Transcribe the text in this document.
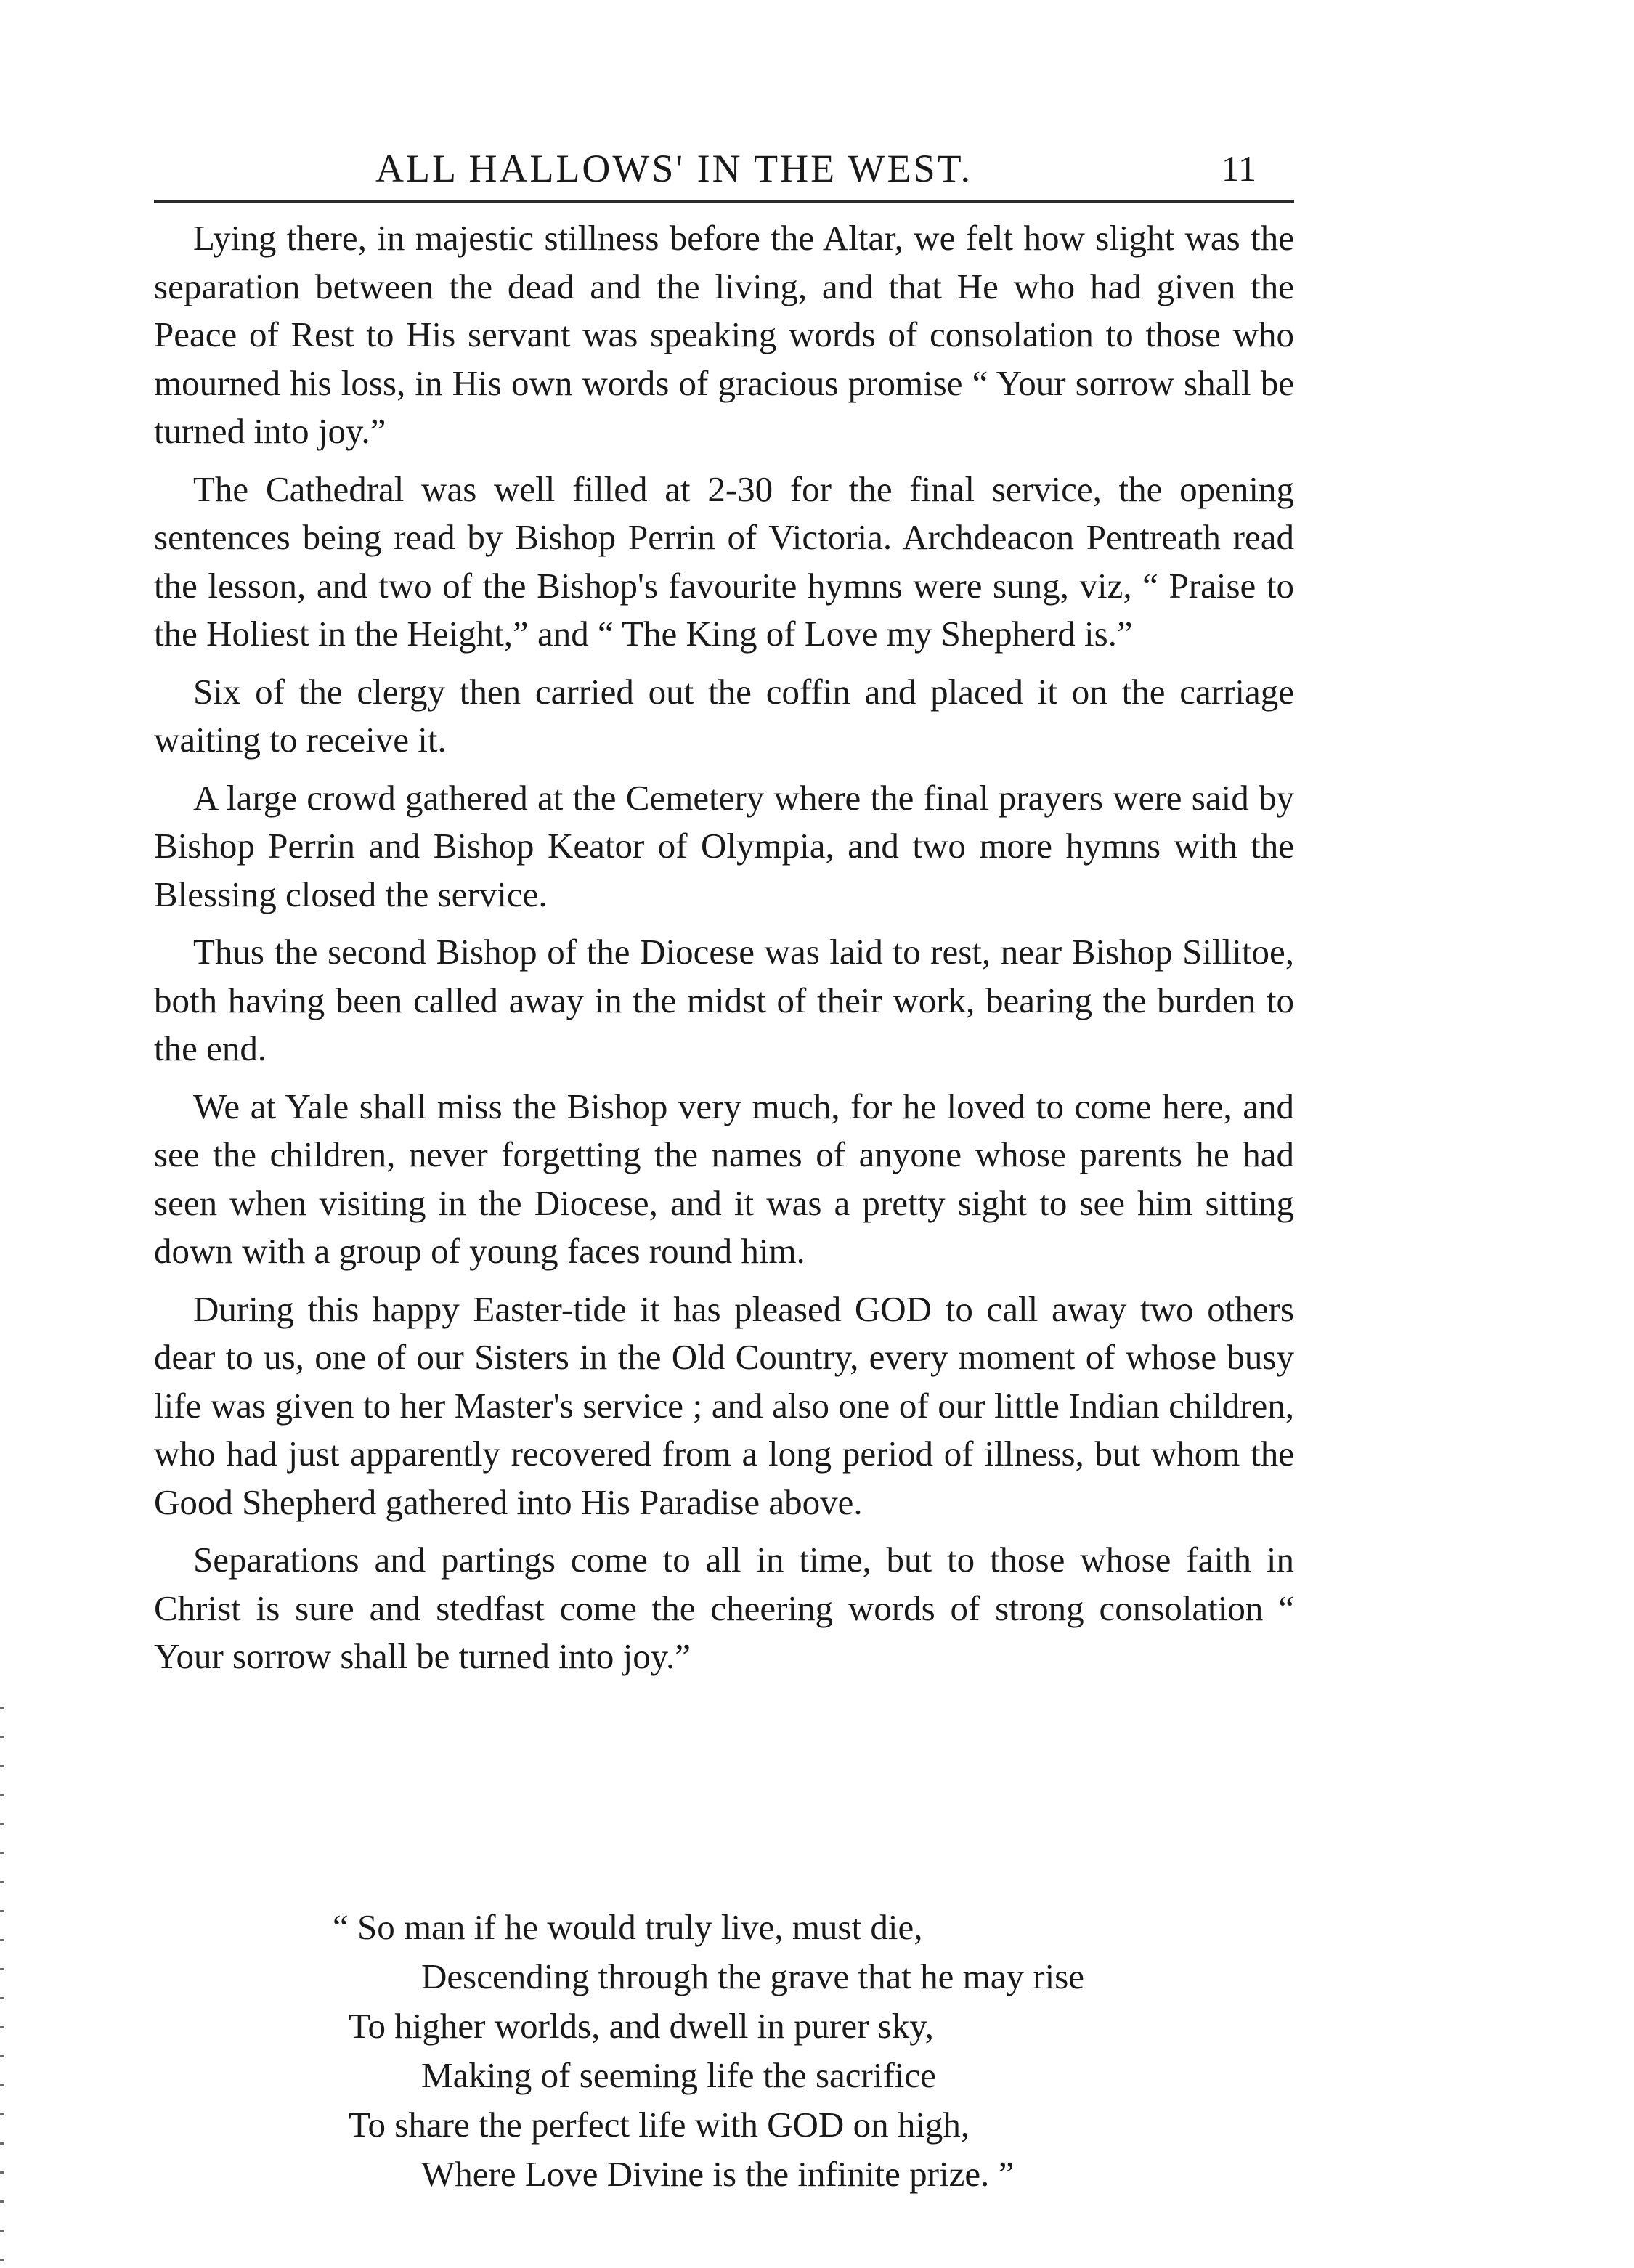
ALL HALLOWS' IN THE WEST.	11

Lying there, in majestic stillness before the Altar, we felt how slight was the separation between the dead and the living, and that He who had given the Peace of Rest to His servant was speaking words of consolation to those who mourned his loss, in His own words of gracious promise “ Your sorrow shall be turned into joy.”

The Cathedral was well filled at 2-30 for the final service, the opening sentences being read by Bishop Perrin of Victoria. Archdeacon Pentreath read the lesson, and two of the Bishop's favourite hymns were sung, viz, “ Praise to the Holiest in the Height,” and “ The King of Love my Shepherd is.”

Six of the clergy then carried out the coffin and placed it on the carriage waiting to receive it.

A large crowd gathered at the Cemetery where the final prayers were said by Bishop Perrin and Bishop Keator of Olympia, and two more hymns with the Blessing closed the service.

Thus the second Bishop of the Diocese was laid to rest, near Bishop Sillitoe, both having been called away in the midst of their work, bearing the burden to the end.

We at Yale shall miss the Bishop very much, for he loved to come here, and see the children, never forgetting the names of anyone whose parents he had seen when visiting in the Diocese, and it was a pretty sight to see him sitting down with a group of young faces round him.

During this happy Easter-tide it has pleased GOD to call away two others dear to us, one of our Sisters in the Old Country, every moment of whose busy life was given to her Master's service ; and also one of our little Indian children, who had just apparently recovered from a long period of illness, but whom the Good Shepherd gathered into His Paradise above.

Separations and partings come to all in time, but to those whose faith in Christ is sure and stedfast come the cheering words of strong consolation “ Your sorrow shall be turned into joy.”

“ So man if he would truly live, must die,

Descending through the grave that he may rise

To higher worlds, and dwell in purer sky,

Making of seeming life the sacrifice

To share the perfect life with GOD on high,

Where Love Divine is the infinite prize. ”
